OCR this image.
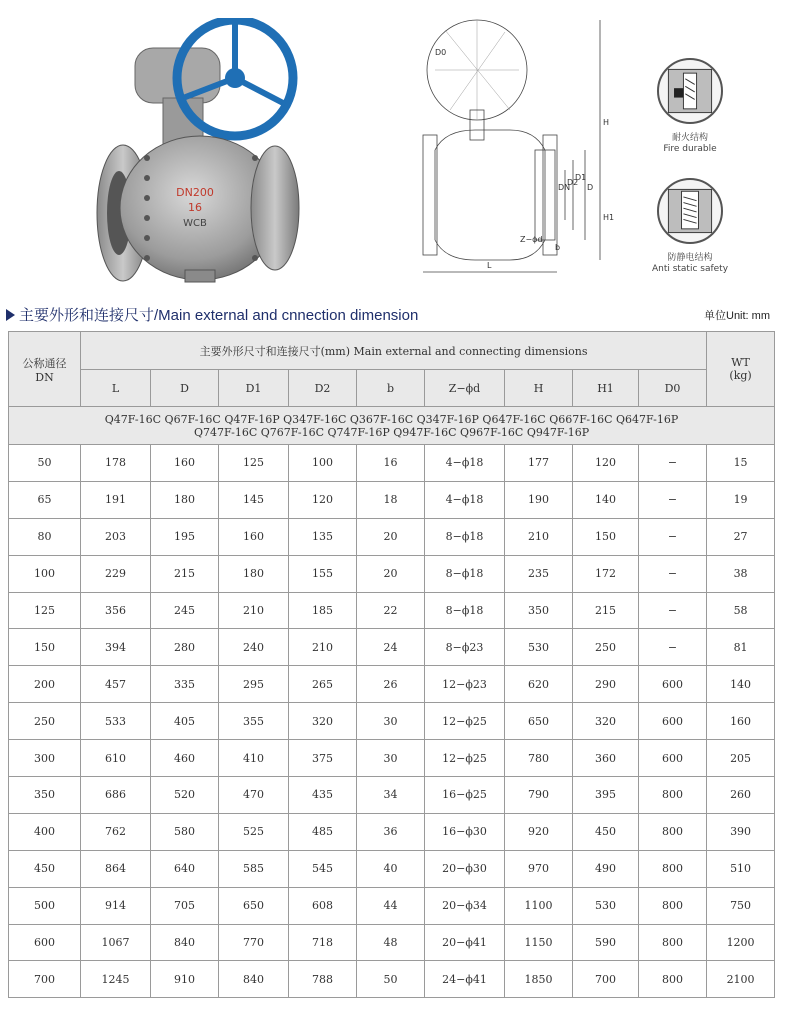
DN200
16
WCB
D0
H
H1
DN
D2
D1
D
Z−ϕd
b
L
耐火结构
Fire durable
防静电结构
Anti static safety
主要外形和连接尺寸/Main external and cnnection dimension	单位Unit: mm
公称通径
DN	主要外形尺寸和连接尺寸(mm) Main external and connecting dimensions									WT
(kg)
	L	D	D1	D2	b	Z−ϕd	H	H1	D0	

Q47F-16C Q67F-16C Q47F-16P Q347F-16C Q367F-16C Q347F-16P Q647F-16C Q667F-16C Q647F-16P
Q747F-16C Q767F-16C Q747F-16P Q947F-16C Q967F-16C Q947F-16P										

50	178	160	125	100	16	4−ϕ18	177	120	−	15
65	191	180	145	120	18	4−ϕ18	190	140	−	19
80	203	195	160	135	20	8−ϕ18	210	150	−	27
100	229	215	180	155	20	8−ϕ18	235	172	−	38
125	356	245	210	185	22	8−ϕ18	350	215	−	58
150	394	280	240	210	24	8−ϕ23	530	250	−	81
200	457	335	295	265	26	12−ϕ23	620	290	600	140
250	533	405	355	320	30	12−ϕ25	650	320	600	160
300	610	460	410	375	30	12−ϕ25	780	360	600	205
350	686	520	470	435	34	16−ϕ25	790	395	800	260
400	762	580	525	485	36	16−ϕ30	920	450	800	390
450	864	640	585	545	40	20−ϕ30	970	490	800	510
500	914	705	650	608	44	20−ϕ34	1100	530	800	750
600	1067	840	770	718	48	20−ϕ41	1150	590	800	1200
700	1245	910	840	788	50	24−ϕ41	1850	700	800	2100
